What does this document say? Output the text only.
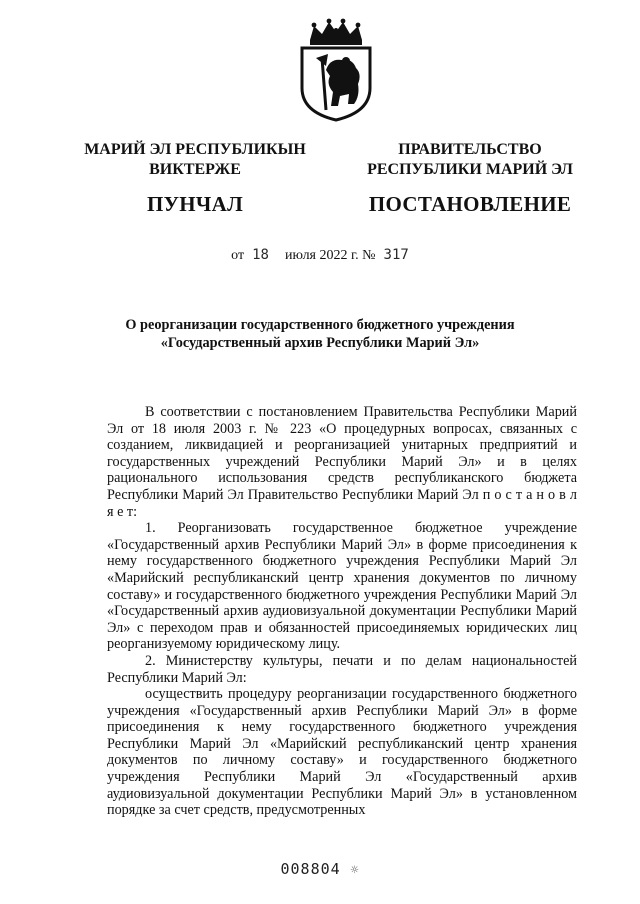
МАРИЙ ЭЛ РЕСПУБЛИКЫН
ВИКТЕРЖЕ
ПУНЧАЛ
ПРАВИТЕЛЬСТВО
РЕСПУБЛИКИ МАРИЙ ЭЛ
ПОСТАНОВЛЕНИЕ
от 18 июля 2022 г. № 317
О реорганизации государственного бюджетного учреждения
«Государственный архив Республики Марий Эл»

В соответствии с постановлением Правительства Республики Марий Эл от 18 июля 2003 г. № 223 «О процедурных вопросах, связанных с созданием, ликвидацией и реорганизацией унитарных предприятий и государственных учреждений Республики Марий Эл» и в целях рационального использования средств республиканского бюджета Республики Марий Эл Правительство Республики Марий Эл п о с т а н о в л я е т:

1. Реорганизовать государственное бюджетное учреждение «Государственный архив Республики Марий Эл» в форме присоединения к нему государственного бюджетного учреждения Республики Марий Эл «Марийский республиканский центр хранения документов по личному составу» и государственного бюджетного учреждения Республики Марий Эл «Государственный архив аудиовизуальной документации Республики Марий Эл» с переходом прав и обязанностей присоединяемых юридических лиц реорганизуемому юридическому лицу.

2. Министерству культуры, печати и по делам национальностей Республики Марий Эл:

осуществить процедуру реорганизации государственного бюджетного учреждения «Государственный архив Республики Марий Эл» в форме присоединения к нему государственного бюджетного учреждения Республики Марий Эл «Марийский республиканский центр хранения документов по личному составу» и государственного бюджетного учреждения Республики Марий Эл «Государственный архив аудиовизуальной документации Республики Марий Эл» в установленном порядке за счет средств, предусмотренных

008804 ☼
